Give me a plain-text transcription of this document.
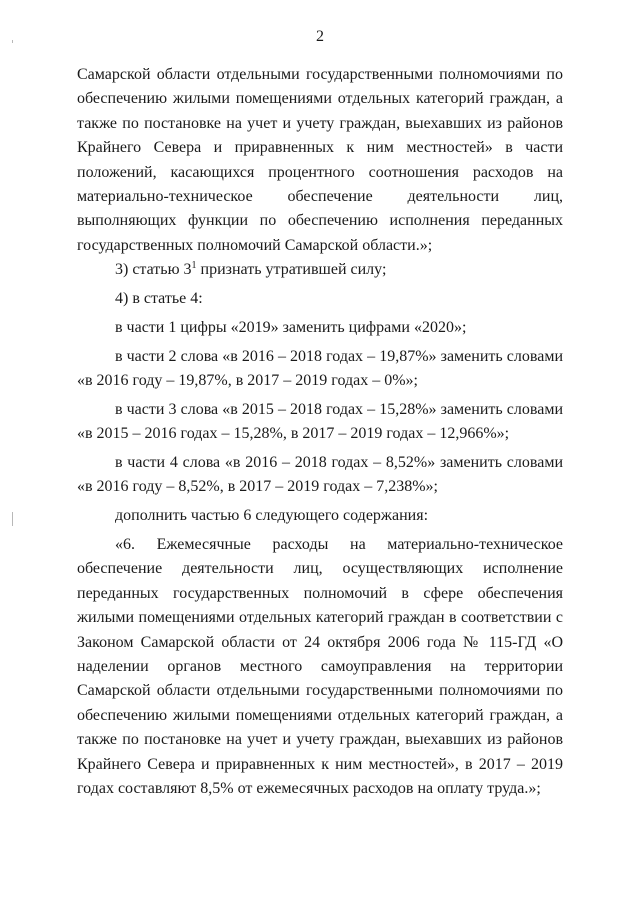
2

Самарской области отдельными государственными полномочиями по обеспечению жилыми помещениями отдельных категорий граждан, а также по постановке на учет и учету граждан, выехавших из районов Крайнего Севера и приравненных к ним местностей» в части положений, касающихся процентного соотношения расходов на материально-техническое обеспечение деятельности лиц, выполняющих функции по обеспечению исполнения переданных государственных полномочий Самарской области.»;

3) статью $3^1$ признать утратившей силу;

4) в статье 4:

в части 1 цифры «2019» заменить цифрами «2020»;

в части 2 слова «в 2016 – 2018 годах – 19,87%» заменить словами «в 2016 году – 19,87%, в 2017 – 2019 годах – 0%»;

в части 3 слова «в 2015 – 2018 годах – 15,28%» заменить словами «в 2015 – 2016 годах – 15,28%, в 2017 – 2019 годах – 12,966%»;

в части 4 слова «в 2016 – 2018 годах – 8,52%» заменить словами «в 2016 году – 8,52%, в 2017 – 2019 годах – 7,238%»;

дополнить частью 6 следующего содержания:

«6. Ежемесячные расходы на материально-техническое обеспечение деятельности лиц, осуществляющих исполнение переданных государственных полномочий в сфере обеспечения жилыми помещениями отдельных категорий граждан в соответствии с Законом Самарской области от 24 октября 2006 года № 115-ГД «О наделении органов местного самоуправления на территории Самарской области отдельными государственными полномочиями по обеспечению жилыми помещениями отдельных категорий граждан, а также по постановке на учет и учету граждан, выехавших из районов Крайнего Севера и приравненных к ним местностей», в 2017 – 2019 годах составляют 8,5% от ежемесячных расходов на оплату труда.»;
